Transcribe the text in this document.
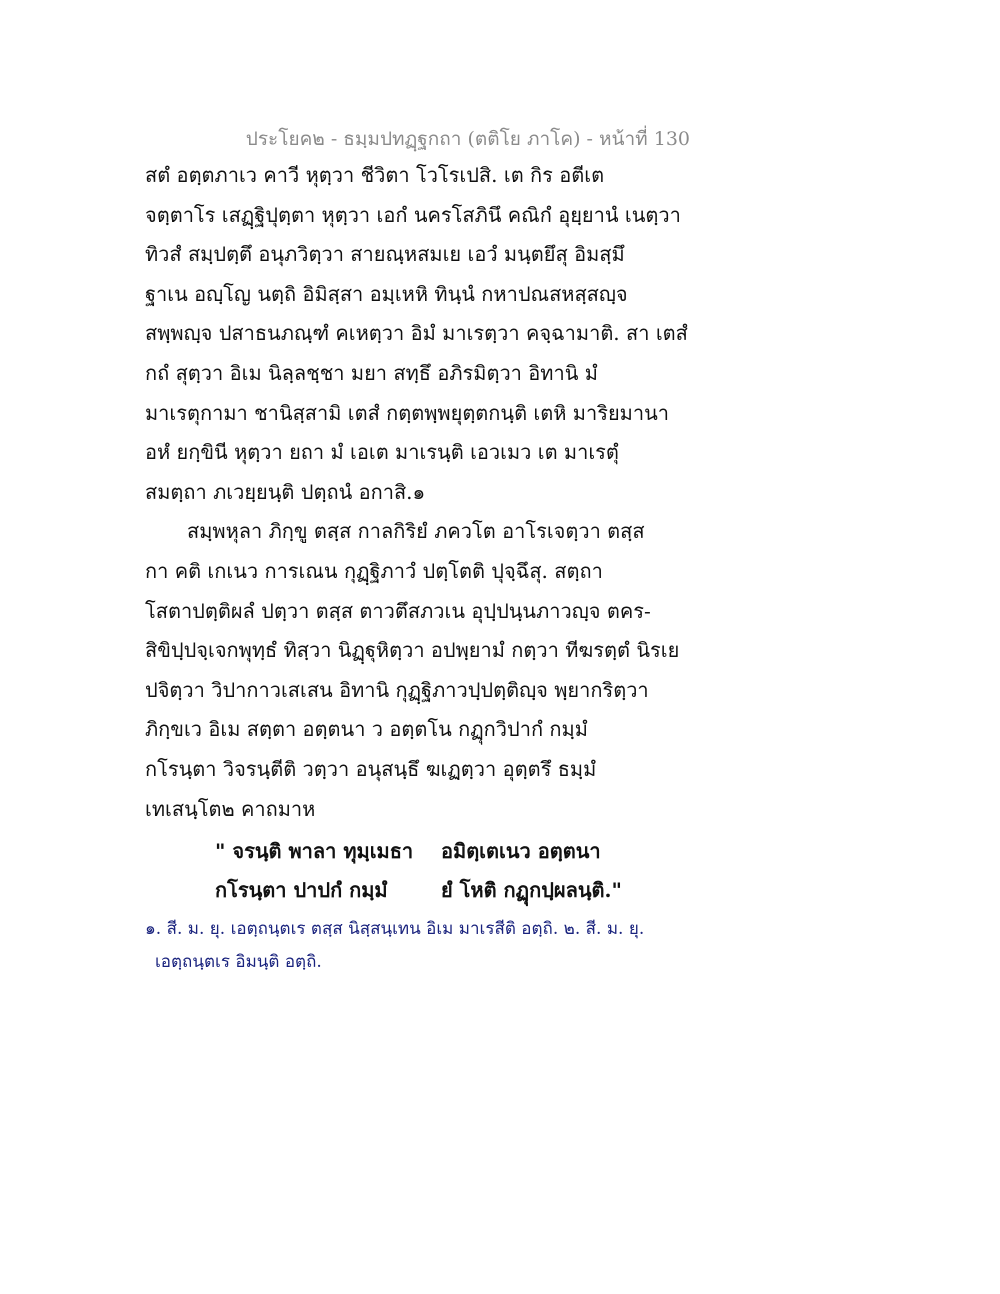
ประโยค๒ - ธมฺมปทฏฺฐกถา (ตติโย ภาโค) - หน้าที่ 130
สตํ อตฺตภาเว คาวี หุตฺวา ชีวิตา โวโรเปสิ. เต กิร อตีเต
จตฺตาโร เสฏฺฐิปุตฺตา หุตฺวา เอกํ นครโสภินึ คณิกํ อุยฺยานํ เนตฺวา
ทิวสํ สมฺปตฺตึ อนุภวิตฺวา สายณฺหสมเย เอวํ มนฺตยึสุ อิมสฺมึ
ฐาเน อญฺโญ นตฺถิ อิมิสฺสา อมฺเหหิ ทินฺนํ กหาปณสหสฺสญฺจ
สพฺพญฺจ ปสาธนภณฺฑํ คเหตฺวา อิมํ มาเรตฺวา คจฺฉามาติ. สา เตสํ
กถํ สุตฺวา อิเม นิลฺลชฺชา มยา สทฺธึ อภิรมิตฺวา อิทานิ มํ
มาเรตุกามา ชานิสฺสามิ เตสํ กตฺตพฺพยุตฺตกนฺติ เตหิ มาริยมานา
อหํ ยกฺขินี หุตฺวา ยถา มํ เอเต มาเรนฺติ เอวเมว เต มาเรตุํ
สมตฺถา ภเวยฺยนฺติ ปตฺถนํ อกาสิ.๑
สมฺพหุลา ภิกฺขู ตสฺส กาลกิริยํ ภควโต อาโรเจตฺวา ตสฺส
กา คติ เกเนว การเณน กุฏฺฐิภาวํ ปตฺโตติ ปุจฺฉึสุ. สตฺถา
โสตาปตฺติผลํ ปตฺวา ตสฺส ตาวตึสภวเน อุปฺปนฺนภาวญฺจ ตคร-
สิขิปฺปจฺเจกพุทฺธํ ทิสฺวา นิฏฺฐุหิตฺวา อปพฺยามํ กตฺวา ทีฆรตฺตํ นิรเย
ปจิตฺวา วิปากาวเสเสน อิทานิ กุฏฺฐิภาวปฺปตฺติญฺจ พฺยากริตฺวา
ภิกฺขเว อิเม สตฺตา อตฺตนา ว อตฺตโน กฏุกวิปากํ กมฺมํ
กโรนฺตา วิจรนฺตีติ วตฺวา อนุสนฺธึ ฆเฏตฺวา อุตฺตรึ ธมฺมํ
เทเสนฺโต๒ คาถมาห
" จรนฺติ พาลา ทุมฺเมธา อมิตฺเตเนว อตฺตนา
กโรนฺตา ปาปกํ กมฺมํ	ยํ โหติ กฏุกปฺผลนฺติ."
๑. สี. ม. ยุ. เอตฺถนฺตเร ตสฺส นิสฺสนฺเทน อิเม มาเรสีติ อตฺถิ. ๒. สี. ม. ยุ.
เอตฺถนฺตเร อิมนฺติ อตฺถิ.
